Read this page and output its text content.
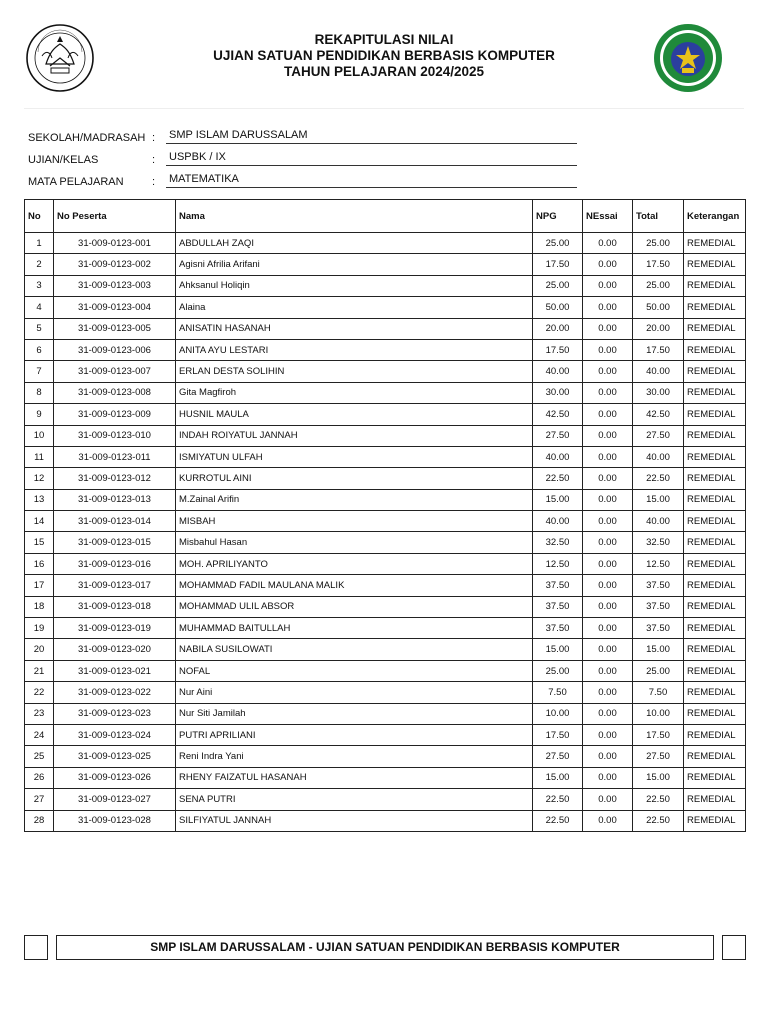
REKAPITULASI NILAI
UJIAN SATUAN PENDIDIKAN BERBASIS KOMPUTER
TAHUN PELAJARAN 2024/2025
SEKOLAH/MADRASAH : SMP ISLAM DARUSSALAM
UJIAN/KELAS	: USPBK / IX
MATA PELAJARAN	: MATEMATIKA
No	No Peserta	Nama	NPG	NEssai	Total	Keterangan
1	31-009-0123-001	ABDULLAH ZAQI	25.00	0.00	25.00	REMEDIAL
2	31-009-0123-002	Agisni Afrilia Arifani	17.50	0.00	17.50	REMEDIAL
3	31-009-0123-003	Ahksanul Holiqin	25.00	0.00	25.00	REMEDIAL
4	31-009-0123-004	Alaina	50.00	0.00	50.00	REMEDIAL
5	31-009-0123-005	ANISATIN HASANAH	20.00	0.00	20.00	REMEDIAL
6	31-009-0123-006	ANITA AYU LESTARI	17.50	0.00	17.50	REMEDIAL
7	31-009-0123-007	ERLAN DESTA SOLIHIN	40.00	0.00	40.00	REMEDIAL
8	31-009-0123-008	Gita Magfiroh	30.00	0.00	30.00	REMEDIAL
9	31-009-0123-009	HUSNIL MAULA	42.50	0.00	42.50	REMEDIAL
10	31-009-0123-010	INDAH ROIYATUL JANNAH	27.50	0.00	27.50	REMEDIAL
11	31-009-0123-011	ISMIYATUN ULFAH	40.00	0.00	40.00	REMEDIAL
12	31-009-0123-012	KURROTUL AINI	22.50	0.00	22.50	REMEDIAL
13	31-009-0123-013	M.Zainal Arifin	15.00	0.00	15.00	REMEDIAL
14	31-009-0123-014	MISBAH	40.00	0.00	40.00	REMEDIAL
15	31-009-0123-015	Misbahul Hasan	32.50	0.00	32.50	REMEDIAL
16	31-009-0123-016	MOH. APRILIYANTO	12.50	0.00	12.50	REMEDIAL
17	31-009-0123-017	MOHAMMAD FADIL MAULANA MALIK	37.50	0.00	37.50	REMEDIAL
18	31-009-0123-018	MOHAMMAD ULIL ABSOR	37.50	0.00	37.50	REMEDIAL
19	31-009-0123-019	MUHAMMAD BAITULLAH	37.50	0.00	37.50	REMEDIAL
20	31-009-0123-020	NABILA SUSILOWATI	15.00	0.00	15.00	REMEDIAL
21	31-009-0123-021	NOFAL	25.00	0.00	25.00	REMEDIAL
22	31-009-0123-022	Nur Aini	7.50	0.00	7.50	REMEDIAL
23	31-009-0123-023	Nur Siti Jamilah	10.00	0.00	10.00	REMEDIAL
24	31-009-0123-024	PUTRI APRILIANI	17.50	0.00	17.50	REMEDIAL
25	31-009-0123-025	Reni Indra Yani	27.50	0.00	27.50	REMEDIAL
26	31-009-0123-026	RHENY FAIZATUL HASANAH	15.00	0.00	15.00	REMEDIAL
27	31-009-0123-027	SENA PUTRI	22.50	0.00	22.50	REMEDIAL
28	31-009-0123-028	SILFIYATUL JANNAH	22.50	0.00	22.50	REMEDIAL
SMP ISLAM DARUSSALAM - UJIAN SATUAN PENDIDIKAN BERBASIS KOMPUTER
